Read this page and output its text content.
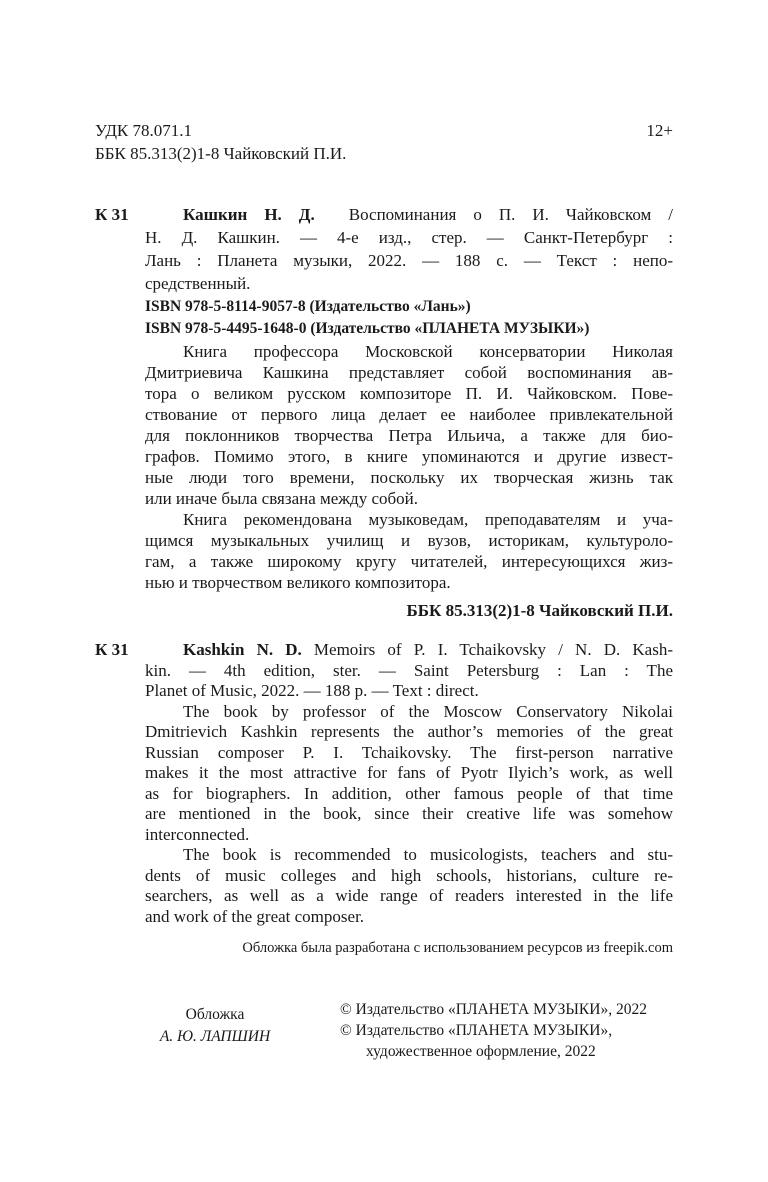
УДК 78.071.1
ББК 85.313(2)1-8 Чайковский П.И.
12+
К 31	Кашкин Н. Д. Воспоминания о П. И. Чайковском /
Н. Д. Кашкин. — 4-е изд., стер. — Санкт-Петербург :
Лань : Планета музыки, 2022. — 188 с. — Текст : непо-
средственный.
ISBN 978-5-8114-9057-8 (Издательство «Лань»)
ISBN 978-5-4495-1648-0 (Издательство «ПЛАНЕТА МУЗЫКИ»)
Книга профессора Московской консерватории Николая
Дмитриевича Кашкина представляет собой воспоминания ав-
тора о великом русском композиторе П. И. Чайковском. Пове-
ствование от первого лица делает ее наиболее привлекательной
для поклонников творчества Петра Ильича, а также для био-
графов. Помимо этого, в книге упоминаются и другие извест-
ные люди того времени, поскольку их творческая жизнь так
или иначе была связана между собой.
Книга рекомендована музыковедам, преподавателям и уча-
щимся музыкальных училищ и вузов, историкам, культуроло-
гам, а также широкому кругу читателей, интересующихся жиз-
нью и творчеством великого композитора.
ББК 85.313(2)1-8 Чайковский П.И.
К 31	Kashkin N. D. Memoirs of P. I. Tchaikovsky / N. D. Kash-
kin. — 4th edition, ster. — Saint Petersburg : Lan : The
Planet of Music, 2022. — 188 p. — Text : direct.
The book by professor of the Moscow Conservatory Nikolai
Dmitrievich Kashkin represents the author’s memories of the great
Russian composer P. I. Tchaikovsky. The first-person narrative
makes it the most attractive for fans of Pyotr Ilyich’s work, as well
as for biographers. In addition, other famous people of that time
are mentioned in the book, since their creative life was somehow
interconnected.
The book is recommended to musicologists, teachers and stu-
dents of music colleges and high schools, historians, culture re-
searchers, as well as a wide range of readers interested in the life
and work of the great composer.
Обложка была разработана с использованием ресурсов из freepik.com
Обложка
А. Ю. ЛАПШИН
© Издательство «ПЛАНЕТА МУЗЫКИ», 2022
© Издательство «ПЛАНЕТА МУЗЫКИ»,
художественное оформление, 2022
